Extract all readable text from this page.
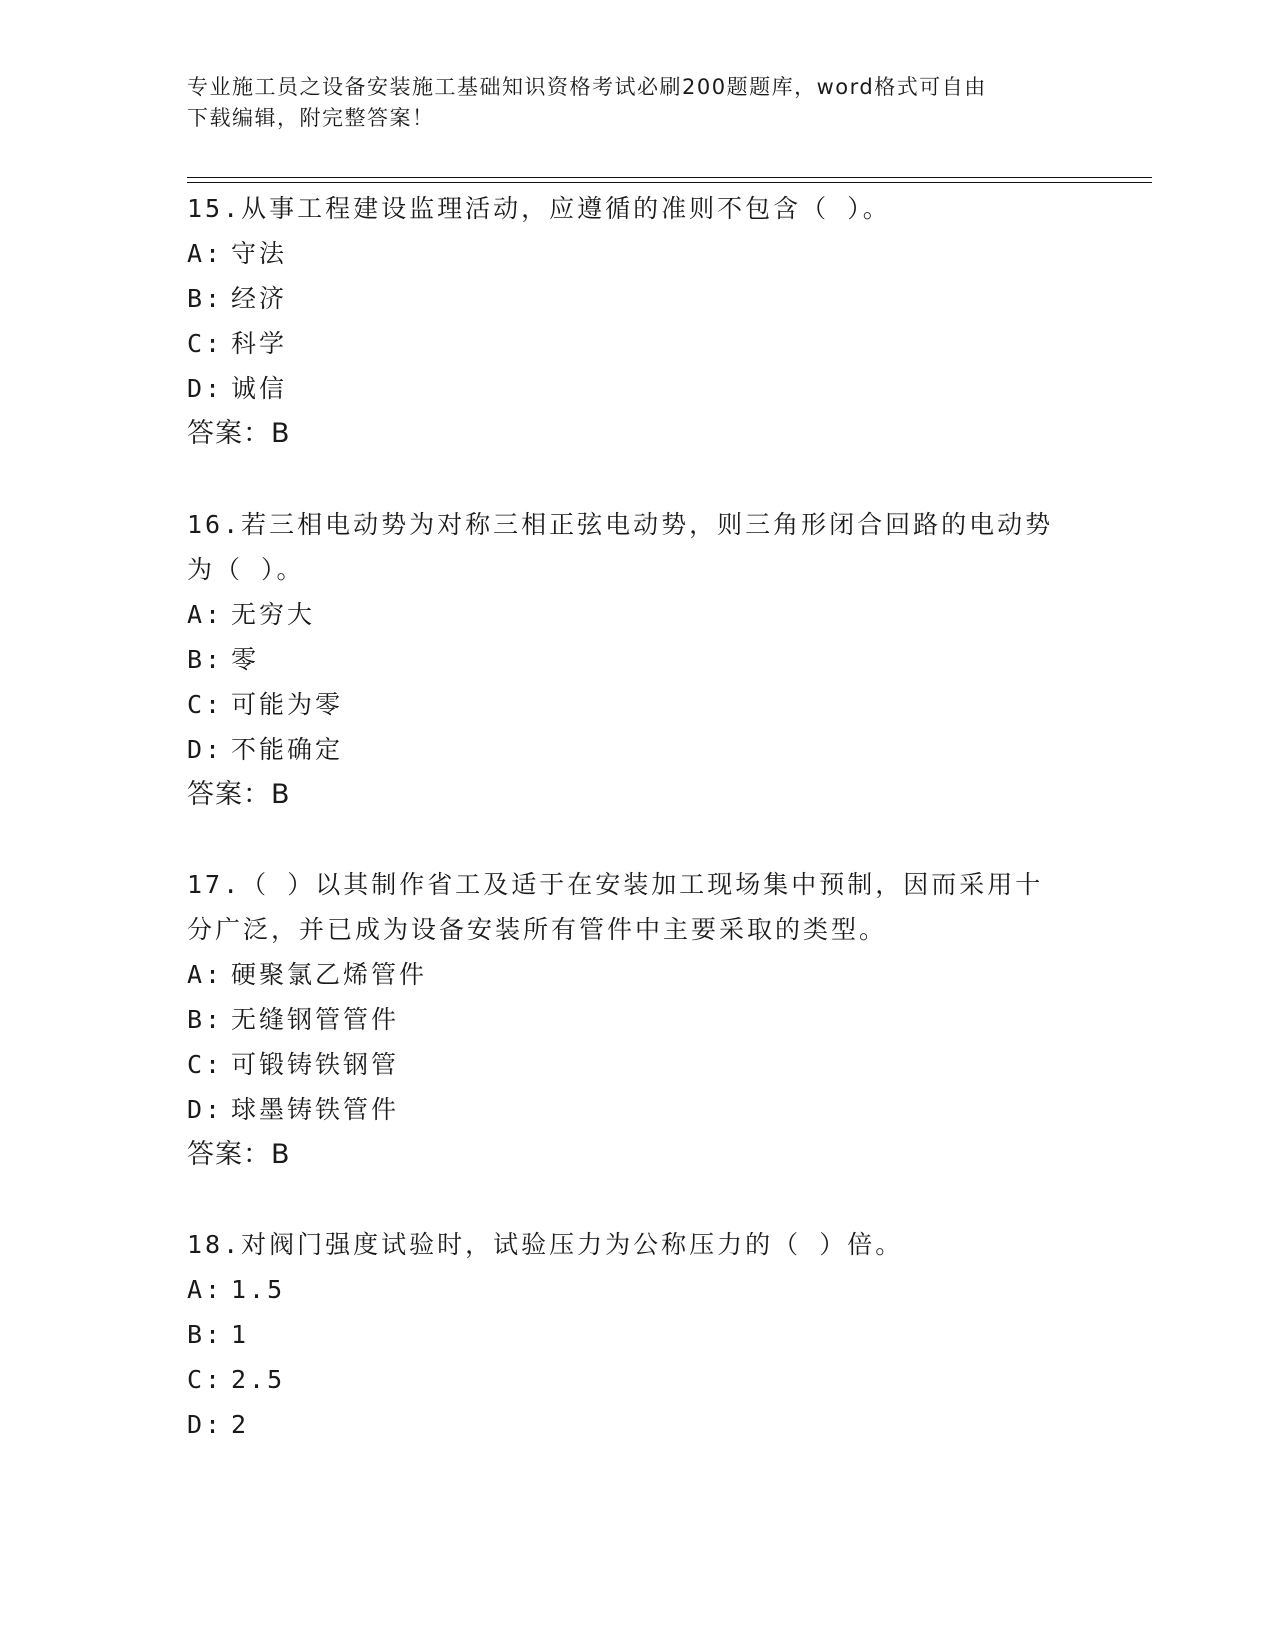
专业施工员之设备安装施工基础知识资格考试必刷200题题库，word格式可自由
下载编辑，附完整答案！
15.从事工程建设监理活动，应遵循的准则不包含（ ）。
A: 守法
B: 经济
C: 科学
D: 诚信
答案：B
16.若三相电动势为对称三相正弦电动势，则三角形闭合回路的电动势
为（ ）。
A: 无穷大
B: 零
C: 可能为零
D: 不能确定
答案：B
17.（ ）以其制作省工及适于在安装加工现场集中预制，因而采用十
分广泛，并已成为设备安装所有管件中主要采取的类型。
A: 硬聚氯乙烯管件
B: 无缝钢管管件
C: 可锻铸铁钢管
D: 球墨铸铁管件
答案：B
18.对阀门强度试验时，试验压力为公称压力的（ ）倍。
A: 1.5
B: 1
C: 2.5
D: 2
